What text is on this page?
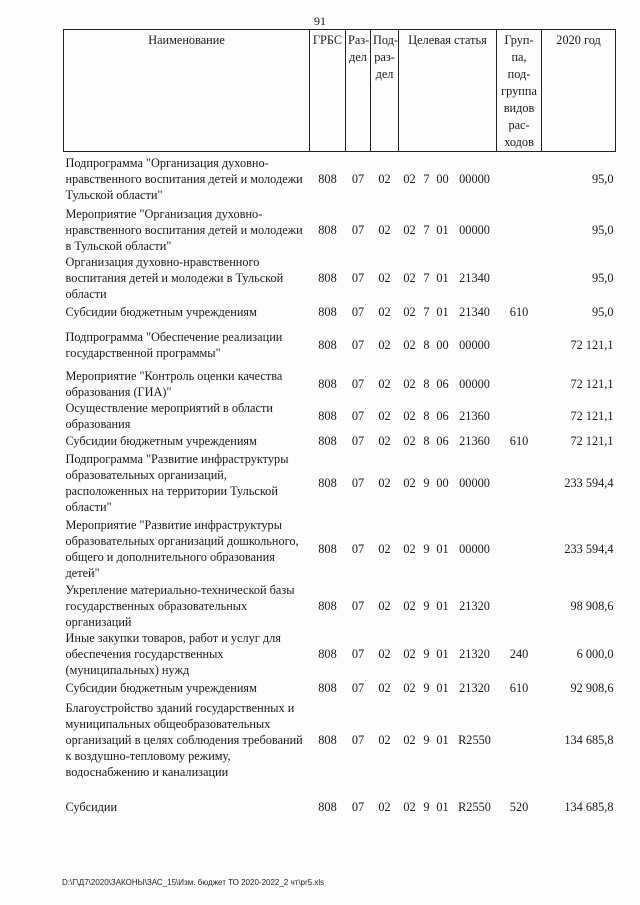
91
Наименование	ГРБС	Раз-дел	Под-раз-дел	Целевая статья				Груп-па, под-группа видов рас-ходов	2020 год
Подпрограмма "Организация духовно-нравственного воспитания детей и молодежи Тульской области"	808	07	02	02	7	00	00000		95,0
Мероприятие "Организация духовно-нравственного воспитания детей и молодежи в Тульской области"	808	07	02	02	7	01	00000		95,0
Организация духовно-нравственного воспитания детей и молодежи в Тульской области	808	07	02	02	7	01	21340		95,0
Субсидии бюджетным учреждениям	808	07	02	02	7	01	21340	610	95,0
Подпрограмма "Обеспечение реализации государственной программы"	808	07	02	02	8	00	00000		72 121,1
Мероприятие "Контроль оценки качества образования (ГИА)"	808	07	02	02	8	06	00000		72 121,1
Осуществление мероприятий в области образования	808	07	02	02	8	06	21360		72 121,1
Субсидии бюджетным учреждениям	808	07	02	02	8	06	21360	610	72 121,1
Подпрограмма "Развитие инфраструктуры образовательных организаций, расположенных на территории Тульской области"	808	07	02	02	9	00	00000		233 594,4
Мероприятие "Развитие инфраструктуры образовательных организаций дошкольного, общего и дополнительного образования детей"	808	07	02	02	9	01	00000		233 594,4
Укрепление материально-технической базы государственных образовательных организаций	808	07	02	02	9	01	21320		98 908,6
Иные закупки товаров, работ и услуг для обеспечения государственных (муниципальных) нужд	808	07	02	02	9	01	21320	240	6 000,0
Субсидии бюджетным учреждениям	808	07	02	02	9	01	21320	610	92 908,6
Благоустройство зданий государственных и муниципальных общеобразовательных организаций в целях соблюдения требований к воздушно-тепловому режиму, водоснабжению и канализации	808	07	02	02	9	01	R2550		134 685,8
Субсидии	808	07	02	02	9	01	R2550	520	134 685,8
D:\Г\Д7\2020\ЗАКОНЫ\ЗАС_15\Изм. бюджет ТО 2020-2022_2 чт\pr5.xls
